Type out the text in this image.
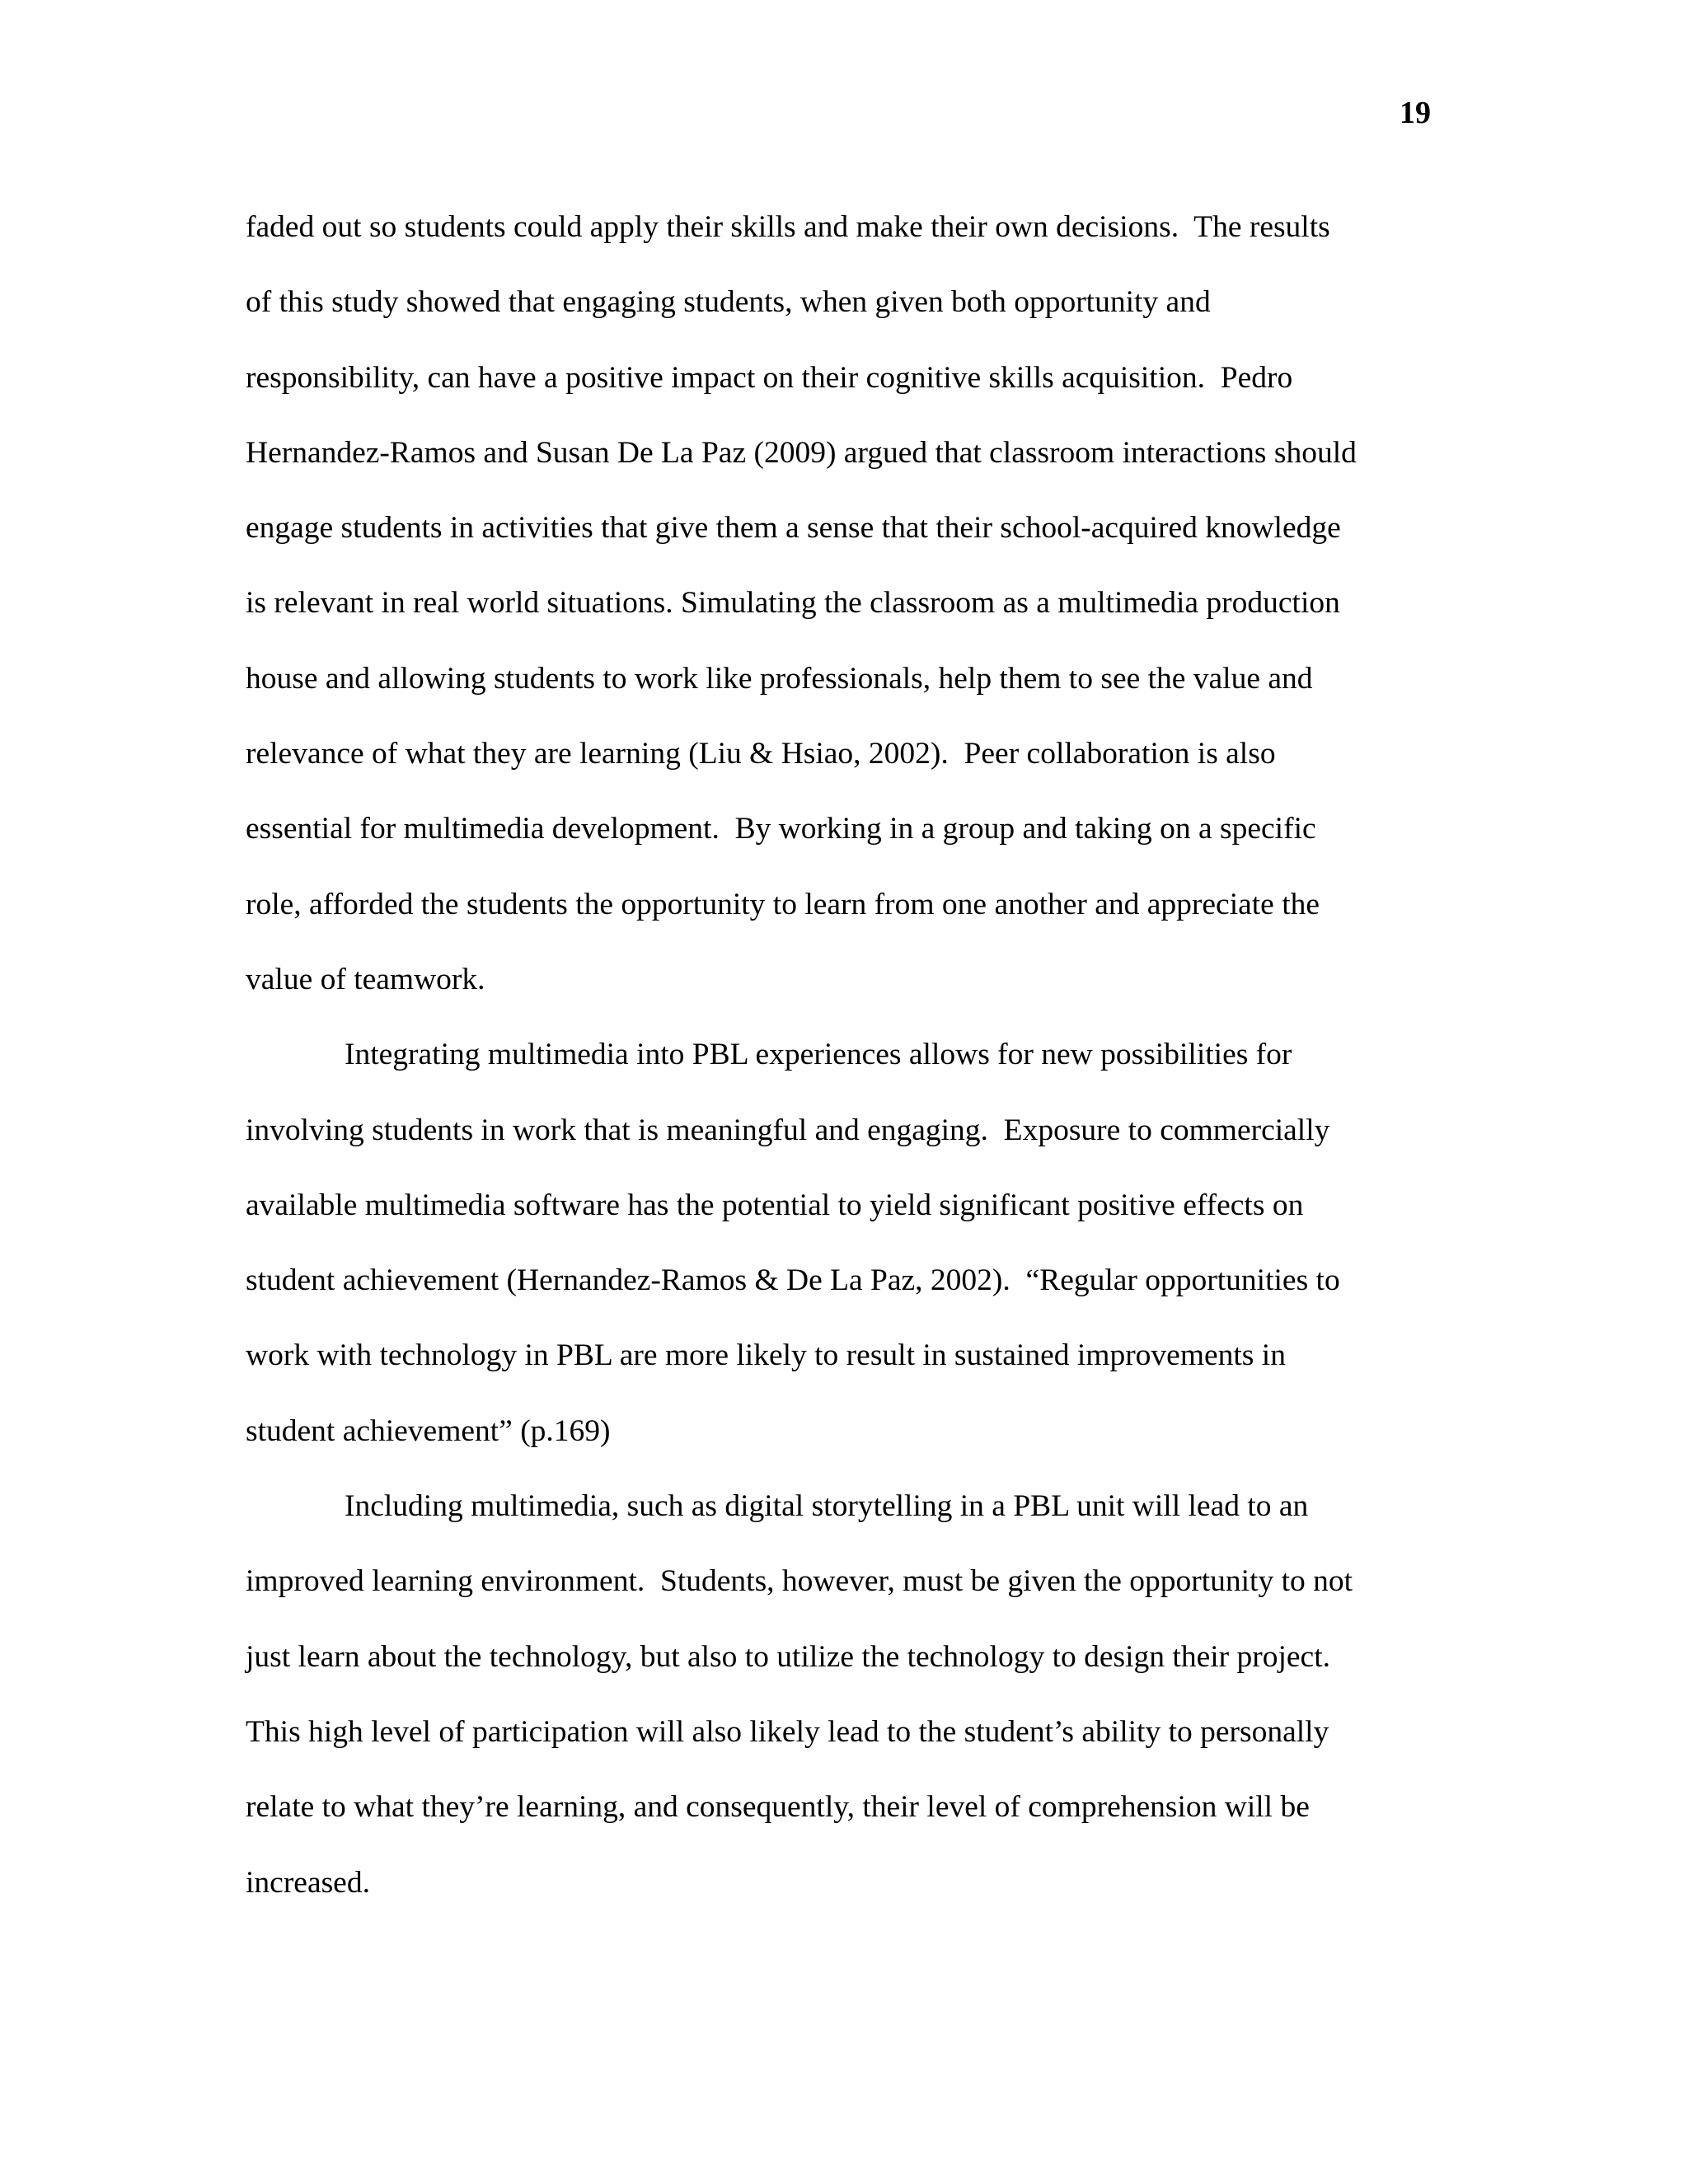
19
faded out so students could apply their skills and make their own decisions.  The results
of this study showed that engaging students, when given both opportunity and
responsibility, can have a positive impact on their cognitive skills acquisition.  Pedro
Hernandez-Ramos and Susan De La Paz (2009) argued that classroom interactions should
engage students in activities that give them a sense that their school-acquired knowledge
is relevant in real world situations. Simulating the classroom as a multimedia production
house and allowing students to work like professionals, help them to see the value and
relevance of what they are learning (Liu & Hsiao, 2002).  Peer collaboration is also
essential for multimedia development.  By working in a group and taking on a specific
role, afforded the students the opportunity to learn from one another and appreciate the
value of teamwork.
Integrating multimedia into PBL experiences allows for new possibilities for
involving students in work that is meaningful and engaging.  Exposure to commercially
available multimedia software has the potential to yield significant positive effects on
student achievement (Hernandez-Ramos & De La Paz, 2002).  “Regular opportunities to
work with technology in PBL are more likely to result in sustained improvements in
student achievement” (p.169)
Including multimedia, such as digital storytelling in a PBL unit will lead to an
improved learning environment.  Students, however, must be given the opportunity to not
just learn about the technology, but also to utilize the technology to design their project.
This high level of participation will also likely lead to the student’s ability to personally
relate to what they’re learning, and consequently, their level of comprehension will be
increased.
